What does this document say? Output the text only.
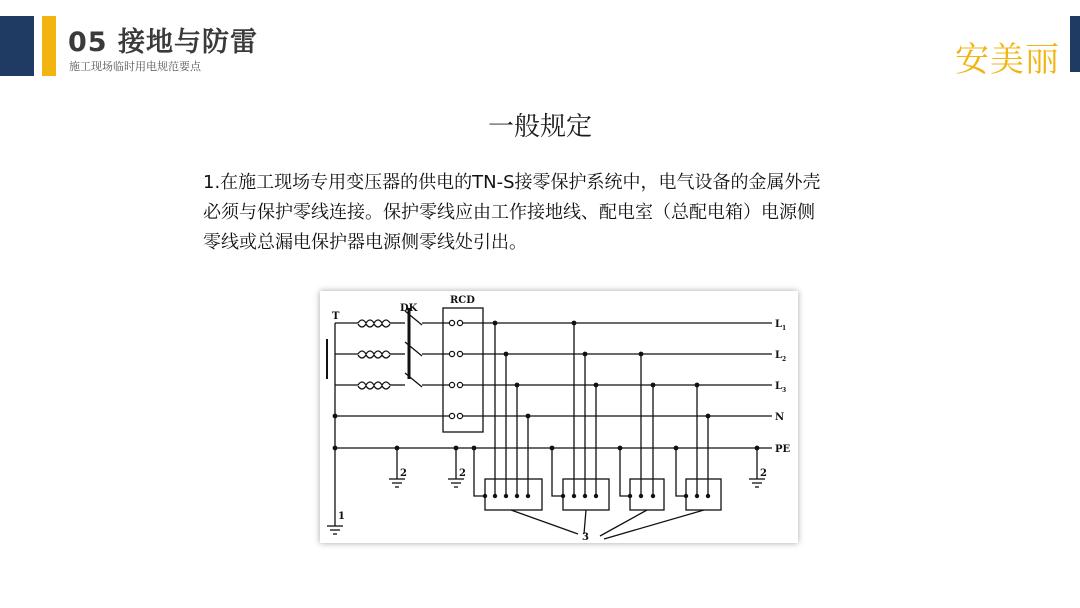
05 接地与防雷

施工现场临时用电规范要点	安美丽
一般规定

1.在施工现场专用变压器的供电的TN-S接零保护系统中，电气设备的金属外壳
必须与保护零线连接。保护零线应由工作接地线、配电室（总配电箱）电源侧
零线或总漏电保护器电源侧零线处引出。

T
DK
RCD
$L_1$
$L_2$
$L_3$
N
PE
2	2	2
1
3
